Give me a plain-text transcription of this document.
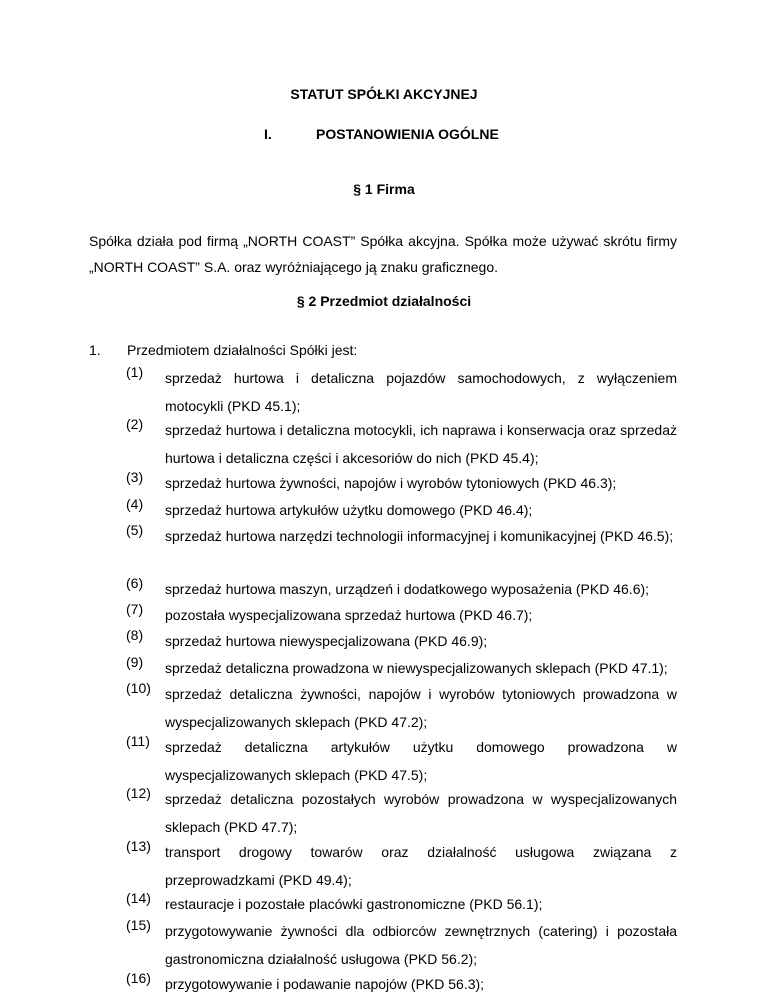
STATUT SPÓŁKI AKCYJNEJ
I.	POSTANOWIENIA OGÓLNE
§ 1 Firma

Spółka działa pod firmą „NORTH COAST” Spółka akcyjna. Spółka może używać skrótu firmy „NORTH COAST” S.A. oraz wyróżniającego ją znaku graficznego.

§ 2 Przedmiot działalności
1. Przedmiotem działalności Spółki jest:
(1) sprzedaż hurtowa i detaliczna pojazdów samochodowych, z wyłączeniem motocykli (PKD 45.1);
(2) sprzedaż hurtowa i detaliczna motocykli, ich naprawa i konserwacja oraz sprzedaż hurtowa i detaliczna części i akcesoriów do nich (PKD 45.4);
(3) sprzedaż hurtowa żywności, napojów i wyrobów tytoniowych (PKD 46.3);
(4) sprzedaż hurtowa artykułów użytku domowego (PKD 46.4);
(5) sprzedaż hurtowa narzędzi technologii informacyjnej i komunikacyjnej (PKD 46.5);
(6) sprzedaż hurtowa maszyn, urządzeń i dodatkowego wyposażenia (PKD 46.6);
(7) pozostała wyspecjalizowana sprzedaż hurtowa (PKD 46.7);
(8) sprzedaż hurtowa niewyspecjalizowana (PKD 46.9);
(9) sprzedaż detaliczna prowadzona w niewyspecjalizowanych sklepach (PKD 47.1);
(10) sprzedaż detaliczna żywności, napojów i wyrobów tytoniowych prowadzona w wyspecjalizowanych sklepach (PKD 47.2);
(11) sprzedaż detaliczna artykułów użytku domowego prowadzona w
wyspecjalizowanych sklepach (PKD 47.5);
(12) sprzedaż detaliczna pozostałych wyrobów prowadzona w wyspecjalizowanych sklepach (PKD 47.7);
(13) transport drogowy towarów oraz działalność usługowa związana z
przeprowadzkami (PKD 49.4);
(14) restauracje i pozostałe placówki gastronomiczne (PKD 56.1);
(15) przygotowywanie żywności dla odbiorców zewnętrznych (catering) i pozostała gastronomiczna działalność usługowa (PKD 56.2);
(16) przygotowywanie i podawanie napojów (PKD 56.3);
